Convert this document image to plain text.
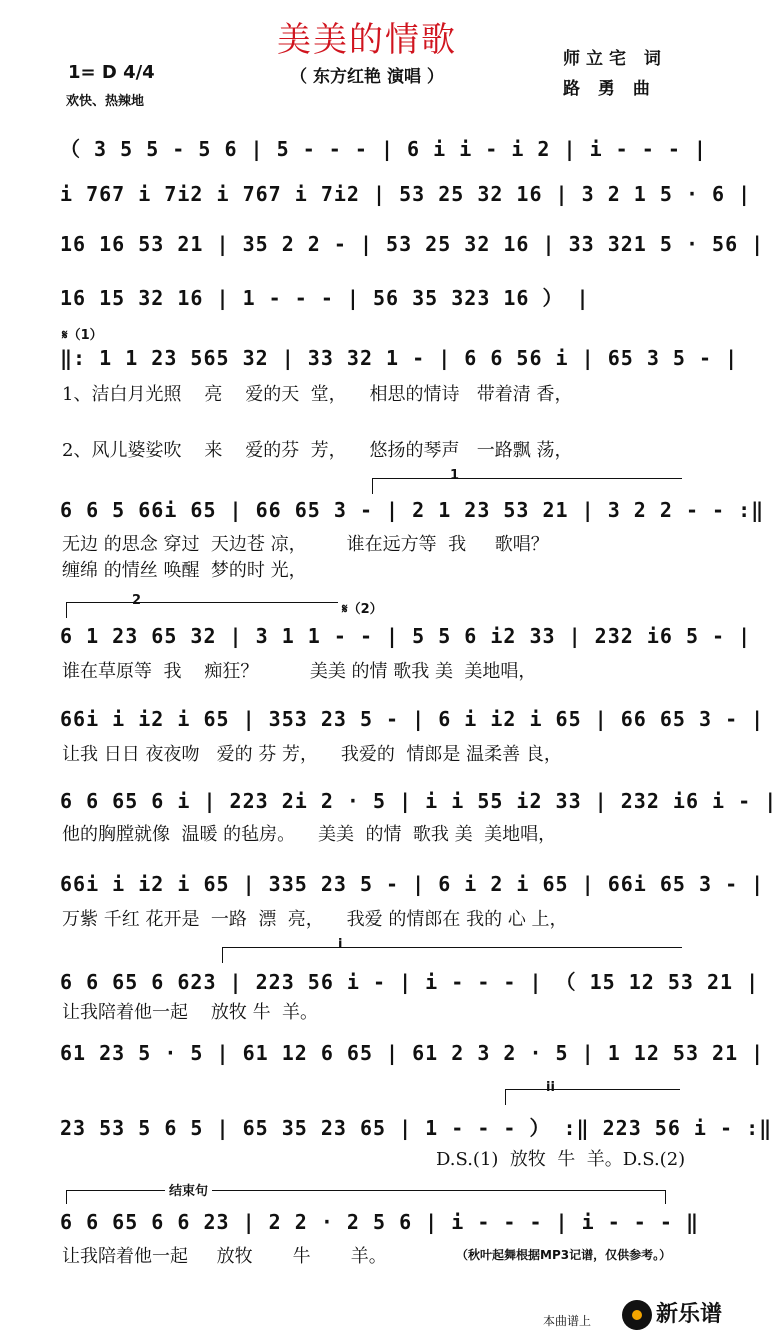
美美的情歌
（ 东方红艳 演唱 ）
师立宅 词
路 勇 曲
1= D 4/4
欢快、热辣地
（ 3 5 5 - 5 6 | 5 - - - | 6 i i - i 2 | i - - - |
i 767 i 7i2 i 767 i 7i2 | 53 25 32 16 | 3 2 1 5 · 6 |
16 16 53 21 | 35 2 2 - | 53 25 32 16 | 33 321 5 · 56 |
16 15 32 16 | 1 - - - | 56 35 323 16 ） |
𝄋（1）
‖: 1 1 23 565 32 | 33 32 1 - | 6 6 56 i | 65 3 5 - |
1、洁白月光照    亮    爱的天  堂，    相思的情诗   带着清 香，
2、风儿婆娑吹    来    爱的芬  芳，    悠扬的琴声   一路飘 荡，
1
6 6 5 66i 65 | 66 65 3 - | 2 1 23 53 21 | 3 2 2 - - :‖
无边 的思念 穿过  天边苍 凉，       谁在远方等  我     歌唱？
缠绵 的情丝 唤醒  梦的时 光，
2
𝄋（2）
6 1 23 65 32 | 3 1 1 - - | 5 5 6 i2 33 | 232 i6 5 - |
谁在草原等  我    痴狂？         美美 的情 歌我 美  美地唱，
66i i i2 i 65 | 353 23 5 - | 6 i i2 i 65 | 66 65 3 - |
让我 日日 夜夜吻   爱的 芬 芳，    我爱的  情郎是 温柔善 良，
6 6 65 6 i | 223 2i 2 · 5 | i i 55 i2 33 | 232 i6 i - |
他的胸膛就像  温暖 的毡房。    美美  的情  歌我 美  美地唱，
66i i i2 i 65 | 335 23 5 - | 6 i 2 i 65 | 66i 65 3 - |
万紫 千红 花开是  一路  漂  亮，    我爱 的情郎在 我的 心 上，
i
6 6 65 6 623 | 223 56 i - | i - - - | （ 15 12 53 21 |
让我陪着他一起    放牧 牛  羊。
61 23 5 · 5 | 61 12 6 65 | 61 2 3 2 · 5 | 1 12 53 21 |
ii
23 53 5 6 5 | 65 35 23 65 | 1 - - - ） :‖ 223 56 i - :‖
D.S.(1)  放牧  牛  羊。D.S.(2)
结束句
6 6 65 6 6 23 | 2 2 · 2 5 6 | i - - - | i - - - ‖
让我陪着他一起     放牧       牛       羊。	（秋叶起舞根据MP3记谱，仅供参考。）
本曲谱上	新乐谱
